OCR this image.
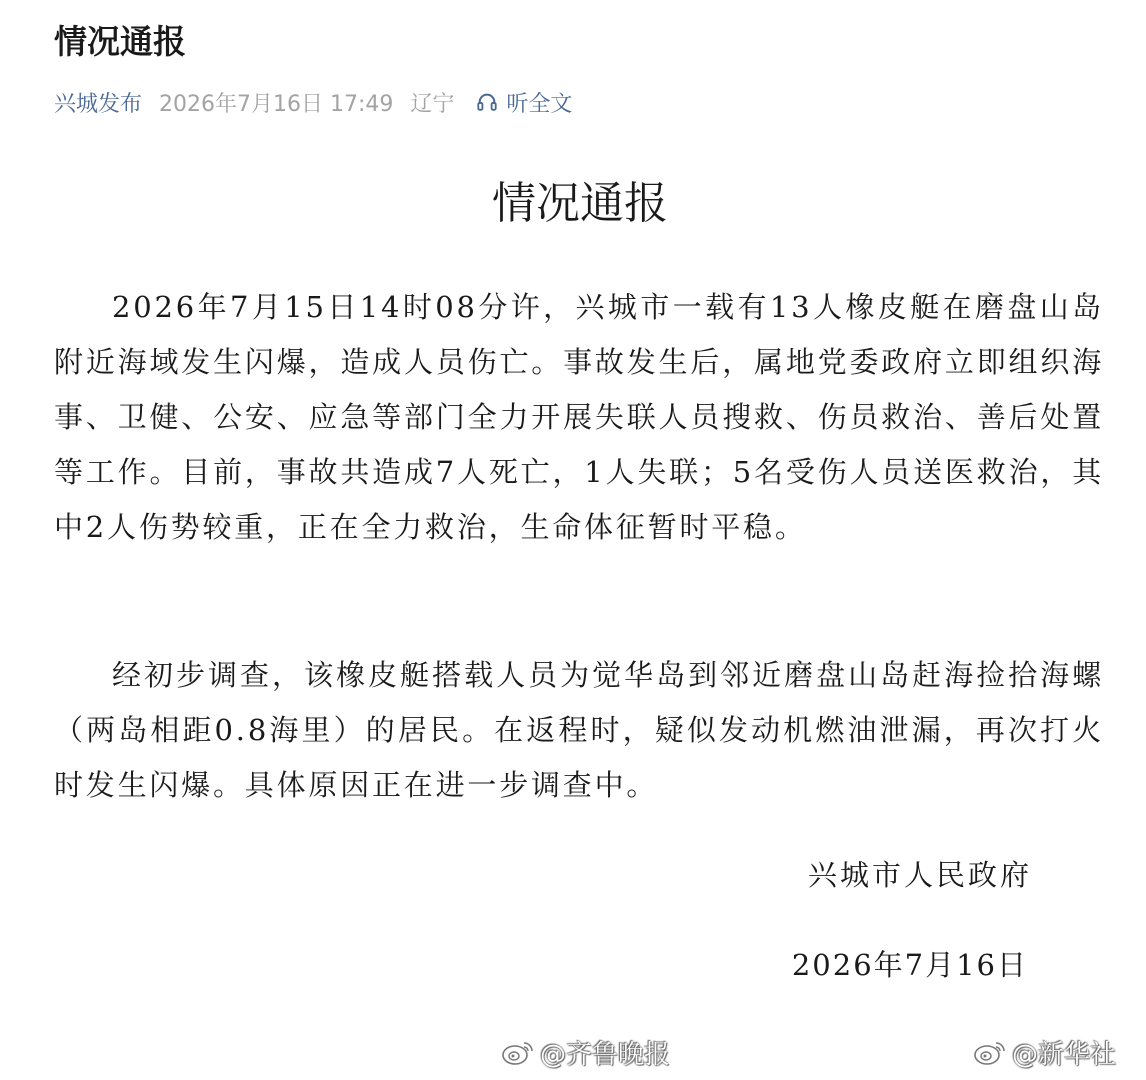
情况通报
兴城发布 2026年7月16日 17:49 辽宁 听全文
情况通报

2026年7月15日14时08分许，兴城市一载有13人橡皮艇在磨盘山岛附近海域发生闪爆，造成人员伤亡。事故发生后，属地党委政府立即组织海事、卫健、公安、应急等部门全力开展失联人员搜救、伤员救治、善后处置等工作。目前，事故共造成7人死亡，1人失联；5名受伤人员送医救治，其中2人伤势较重，正在全力救治，生命体征暂时平稳。

经初步调查，该橡皮艇搭载人员为觉华岛到邻近磨盘山岛赶海捡拾海螺（两岛相距0.8海里）的居民。在返程时，疑似发动机燃油泄漏，再次打火时发生闪爆。具体原因正在进一步调查中。

兴城市人民政府
2026年7月16日
@齐鲁晚报	@新华社
